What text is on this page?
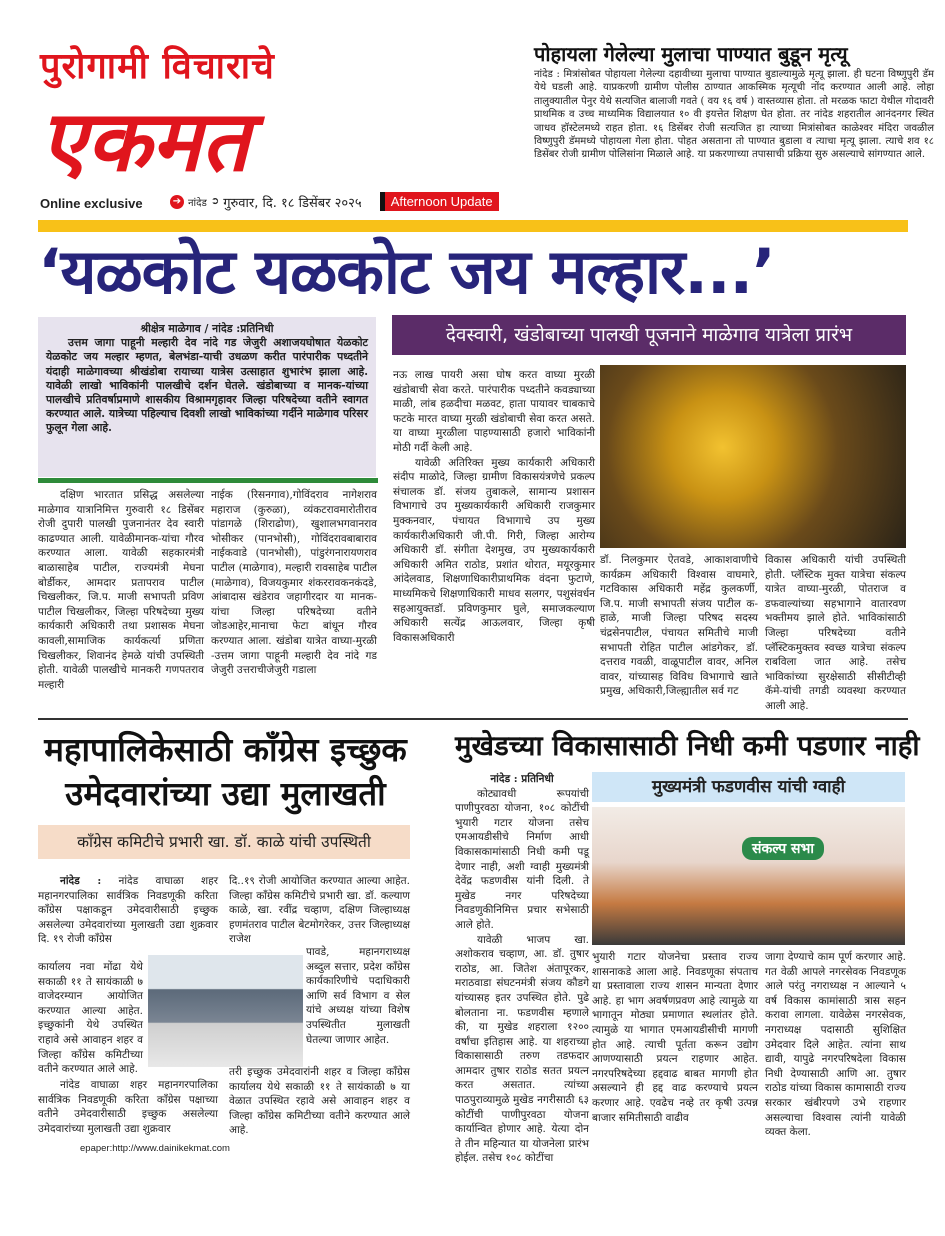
पुरोगामी विचाराचे
एकमत
पोहायला गेलेल्या मुलाचा पाण्यात बुडून मृत्यू
नांदेड : मित्रांसोबत पोहायला गेलेल्या दहावीच्या मुलाचा पाण्यात बुडाल्यामुळे मृत्यू झाला. ही घटना विष्णुपुरी डॅम येथे घडली आहे. याप्रकरणी ग्रामीण पोलीस ठाण्यात आकस्मिक मृत्यूची नोंद करण्यात आली आहे. लोहा तालुक्यातील पेनुर येथे सत्यजित बालाजी गवते ( वय १६ वर्ष ) वास्तव्यास होता. तो मरळक फाटा येथील गोदावरी प्राथमिक व उच्च माध्यमिक विद्यालयात १० वी इयत्तेत शिक्षण घेत होता. तर नांदेड शहरातील आनंदनगर स्थित जाधव हॉस्टेलमध्ये राहत होता. १६ डिसेंबर रोजी सत्यजित हा त्याच्या मित्रांसोबत काळेश्वर मंदिरा जवळील विष्णुपुरी डॅममध्ये पोहायला गेला होता. पोहत असताना तो पाण्यात बुडाला व त्याचा मृत्यू झाला. त्याचे शव १८ डिसेंबर रोजी ग्रामीण पोलिसांना मिळाले आहे. या प्रकरणाच्या तपासाची प्रक्रिया सुरु असल्याचे सांगण्यात आले.
Online exclusive	➔ नांदेड ➲ गुरुवार, दि. १८ डिसेंबर २०२५	Afternoon Update
‘यळकोट यळकोट जय मल्हार...’
श्रीक्षेत्र माळेगाव / नांदेड :प्रतिनिधी
उत्तम जागा पाहूनी मल्हारी देव नांदे गड जेजुरी अशाजयघोषात येळकोट येळकोट जय मल्हार म्हणत, बेलभंडा-याची उधळण करीत पारंपारीक पध्दतीने यंदाही माळेगावच्या श्रीखंडोबा रायाच्या यात्रेस उत्साहात शुभारंभ झाला आहे. यावेळी लाखो भाविकांनी पालखीचे दर्शन घेतले. खंडोबाच्या व मानक-यांच्या पालखीचे प्रतिवर्षाप्रमाणे शासकीय विश्रामगृहावर जिल्हा परिषदेच्या वतीने स्वागत करण्यात आले. यात्रेच्या पहिल्याच दिवशी लाखो भाविकांच्या गर्दीने माळेगाव परिसर फुलून गेला आहे.
देवस्वारी, खंडोबाच्या पालखी पूजनाने माळेगाव यात्रेला प्रारंभ

दक्षिण भारतात प्रसिद्ध असलेल्या माळेगाव यात्रानिमित्त गुरुवारी १८ डिसेंबर रोजी दुपारी पालखी पुजनानंतर देव स्वारी काढण्यात आली. यावेळीमानक-यांचा गौरव करण्यात आला. यावेळी सहकारमंत्री बाळासाहेब पाटील, राज्यमंत्री मेघना बोर्डीकर, आमदार प्रतापराव पाटील चिखलीकर, जि.प. माजी सभापती प्रविण पाटील चिखलीकर, जिल्हा परिषदेच्या मुख्य कार्यकारी अधिकारी तथा प्रशासक मेघना कावली,सामाजिक कार्यकर्त्या प्रणिता चिखलीकर, शिवानंद हेमळे यांची उपस्थिती होती. यावेळी पालखीचे मानकरी गणपतराव मल्हारी

नाईक (रिसनगाव),गोविंदराव नागेशराव महाराज (कुरुळा), व्यंकटरावमारोतीराव पांडागळे (शिराढोण), खुशालभगवानराव भोसीकर (पानभोसी), गोविंदरावबाबाराव नाईकवाडे (पानभोसी), पांडुरंगनारायणराव पाटील (माळेगाव), मल्हारी रावसाहेब पाटील (माळेगाव), विजयकुमार शंकररावकनकंदडे, आंबादास खंडेराव जहागीरदार या मानक-यांचा जिल्हा परिषदेच्या वतीने जोडआहेर,मानाचा फेटा बांधून गौरव करण्यात आला. खंडोबा यात्रेत वाघ्या-मुरळी -उत्तम जागा पाहूनी मल्हारी देव नांदे गड जेजुरी उत्तराचीजेजुरी गडाला
नऊ लाख पायरी असा घोष करत वाघ्या मुरळी खंडोबाची सेवा करते. पारंपारीक पध्दतीने कवड्याच्या माळी, लांब हळदीचा मळवट, हाता पायावर चाबकाचे फटके मारत वाघ्या मुरळी खंडोबाची सेवा करत असते. या वाघ्या मुरळीला पाहण्यासाठी हजारो भाविकांनी मोठी गर्दी केली आहे.

यावेळी अतिरिक्त मुख्य कार्यकारी अधिकारी संदीप माळोदे, जिल्हा ग्रामीण विकासयंत्रणेचे प्रकल्प संचालक डॉ. संजय तुबाकले, सामान्य प्रशासन विभागाचे उप मुख्यकार्यकारी अधिकारी राजकुमार मुक्कनवार, पंचायत विभागाचे उप मुख्य कार्यकारीअधिकारी जी.पी. गिरी, जिल्हा आरोग्य अधिकारी डॉ. संगीता देशमुख, उप मुख्यकार्यकारी अधिकारी अमित राठोड, प्रशांत थोरात, मयूरकुमार आंदेलवाड, शिक्षणाधिकारीप्राथमिक वंदना फुटाणे, माध्यमिकचे शिक्षणाधिकारी माधव सलगर, पशुसंवर्धन सहआयुक्तडॉ. प्रविणकुमार घुले, समाजकल्याण अधिकारी सत्येंद्र आऊलवार, जिल्हा कृषी विकासअधिकारी

डॉ. निलकुमार ऐतवडे, आकाशवाणीचे कार्यक्रम अधिकारी विश्वास वाघमारे, गटविकास अधिकारी महेंद्र कुलकर्णी, जि.प. माजी सभापती संजय पाटील क-हाळे, माजी जिल्हा परिषद सदस्य चंद्रसेनपाटील, पंचायत समितीचे माजी सभापती रोहित पाटील आंडगेकर, डॉ. दत्तराव गवळी, वाळूपाटील वावर, अनिल वावर, यांच्यासह विविध विभागाचे खाते प्रमुख, अधिकारी,जिल्ह्यातील सर्व गट
विकास अधिकारी यांची उपस्थिती होती. प्लॅस्टिक मुक्त यात्रेचा संकल्प यात्रेत वाघ्या-मुरळी, पोतराज व डफवाल्यांच्या सहभागाने वातारवण भक्तीमय झाले होते. भाविकांसाठी जिल्हा परिषदेच्या वतीने प्लॅस्टिकमुक्तव स्वच्छ यात्रेचा संकल्प राबविला जात आहे. तसेच भाविकांच्या सुरक्षेसाठी सीसीटीव्ही कॅमे-यांची तगडी व्यवस्था करण्यात आली आहे.
महापालिकेसाठी कॉंग्रेस इच्छुक उमेदवारांच्या उद्या मुलाखती
कॉंग्रेस कमिटीचे प्रभारी खा. डॉ. काळे यांची उपस्थिती

नांदेड : नांदेड वाघाळा शहर महानगरपालिका सार्वत्रिक निवडणूकी करिता कॉंग्रेस पक्षाकडून उमेदवारीसाठी इच्छुक असलेल्या उमेदवारांच्या मुलाखती उद्या शुक्रवार दि. १९ रोजी कॉंग्रेस

कार्यालय नवा मोंढा येथे सकाळी ११ ते सायंकाळी ७ वाजेदरम्यान आयोजित करण्यात आल्या आहेत. इच्छुकांनी येथे उपस्थित राहावे असे आवाहन शहर व जिल्हा कॉंग्रेस कमिटीच्या वतीने करण्यात आले आहे.

नांदेड वाघाळा शहर महानगरपालिका सार्वत्रिक निवडणूकी करिता कॉंग्रेस पक्षाच्या वतीने उमेदवारीसाठी इच्छुक असलेल्या उमेदवारांच्या मुलाखती उद्या शुक्रवार

दि..१९ रोजी आयोजित करण्यात आल्या आहेत. जिल्हा कॉंग्रेस कमिटीचे प्रभारी खा. डॉ. कल्याण काळे, खा. रवींद्र चव्हाण, दक्षिण जिल्हाध्यक्ष हणमंतराव पाटील बेटमोगरेकर, उत्तर जिल्हाध्यक्ष राजेश
पावडे, महानगराध्यक्ष अब्दुल सत्तार, प्रदेश कॉंग्रेस कार्यकारिणीचे पदाधिकारी आणि सर्व विभाग व सेल यांचे अध्यक्ष यांच्या विशेष उपस्थितीत मुलाखती घेतल्या जाणार आहेत.
तरी इच्छुक उमेदवारांनी शहर व जिल्हा कॉंग्रेस कार्यालय येथे सकाळी ११ ते सायंकाळी ७ या वेळात उपस्थित रहावे असे आवाहन शहर व जिल्हा कॉंग्रेस कमिटीच्या वतीने करण्यात आले आहे.
मुखेडच्या विकासासाठी निधी कमी पडणार नाही
नांदेड : प्रतिनिधी

कोट्यावधी रूपयांची पाणीपुरवठा योजना, १०८ कोटींची भुयारी गटार योजना तसेच एमआयडीसीचे निर्माण आधी विकासकामांसाठी निधी कमी पडू देणार नाही, अशी ग्वाही मुख्यमंत्री देवेंद्र फडणवीस यांनी दिली. ते मुखेड नगर परिषदेच्या निवडणुकीनिमित्त प्रचार सभेसाठी आले होते.

यावेळी भाजप खा. अशोकराव चव्हाण, आ. डॉ. तुषार राठोड, आ. जितेश अंतापूरकर, मराठवाडा संघटनमंत्री संजय कौडगे यांच्यासह इतर उपस्थित होते. पुढे बोलताना ना. फडणवीस म्हणाले की, या मुखेड शहराला १२०० वर्षांचा इतिहास आहे. या शहराच्या विकासासाठी तरुण तडफदार आमदार तुषार राठोड सतत प्रयत्न करत असतात. त्यांच्या पाठपुराव्यामुळे मुखेड नगरीसाठी ६३ कोटींची पाणीपुरवठा योजना कार्यान्वित होणार आहे. येत्या दोन ते तीन महिन्यात या योजनेला प्रारंभ होईल. तसेच १०८ कोटींचा

मुख्यमंत्री फडणवीस यांची ग्वाही
संकल्प सभा
भुयारी गटार योजनेचा प्रस्ताव राज्य शासनाकडे आला आहे. निवडणूका संपताच या प्रस्तावाला राज्य शासन मान्यता देणार आहे. हा भाग अवर्षणप्रवण आहे त्यामुळे या भागातून मोठ्या प्रमाणात स्थलांतर होते. त्यामुळे या भागात एमआयडीसीची मागणी होत आहे. त्याची पूर्तता करून उद्योग आणण्यासाठी प्रयत्न राहणार आहेत. नगरपरिषदेच्या हद्दवाढ बाबत मागणी होत असल्याने ही हद्द वाढ करण्याचे प्रयत्न करणार आहे. एवढेच नव्हे तर कृषी उत्पन्न बाजार समितीसाठी वाढीव
जागा देण्याचे काम पूर्ण करणार आहे. गत वेळी आपले नगरसेवक निवडणूक आले परंतु नगराध्यक्ष न आल्याने ५ वर्ष विकास कामांसाठी त्रास सहन करावा लागला. यावेळेस नगरसेवक, नगराध्यक्ष पदासाठी सुशिक्षित उमेदवार दिले आहेत. त्यांना साथ द्यावी, यापुढे नगरपरिषदेला विकास निधी देण्यासाठी आणि आ. तुषार राठोड यांच्या विकास कामासाठी राज्य सरकार खंबीरपणे उभे राहणार असल्याचा विश्वास त्यांनी यावेळी व्यक्त केला.
epaper:http://www.dainikekmat.com
